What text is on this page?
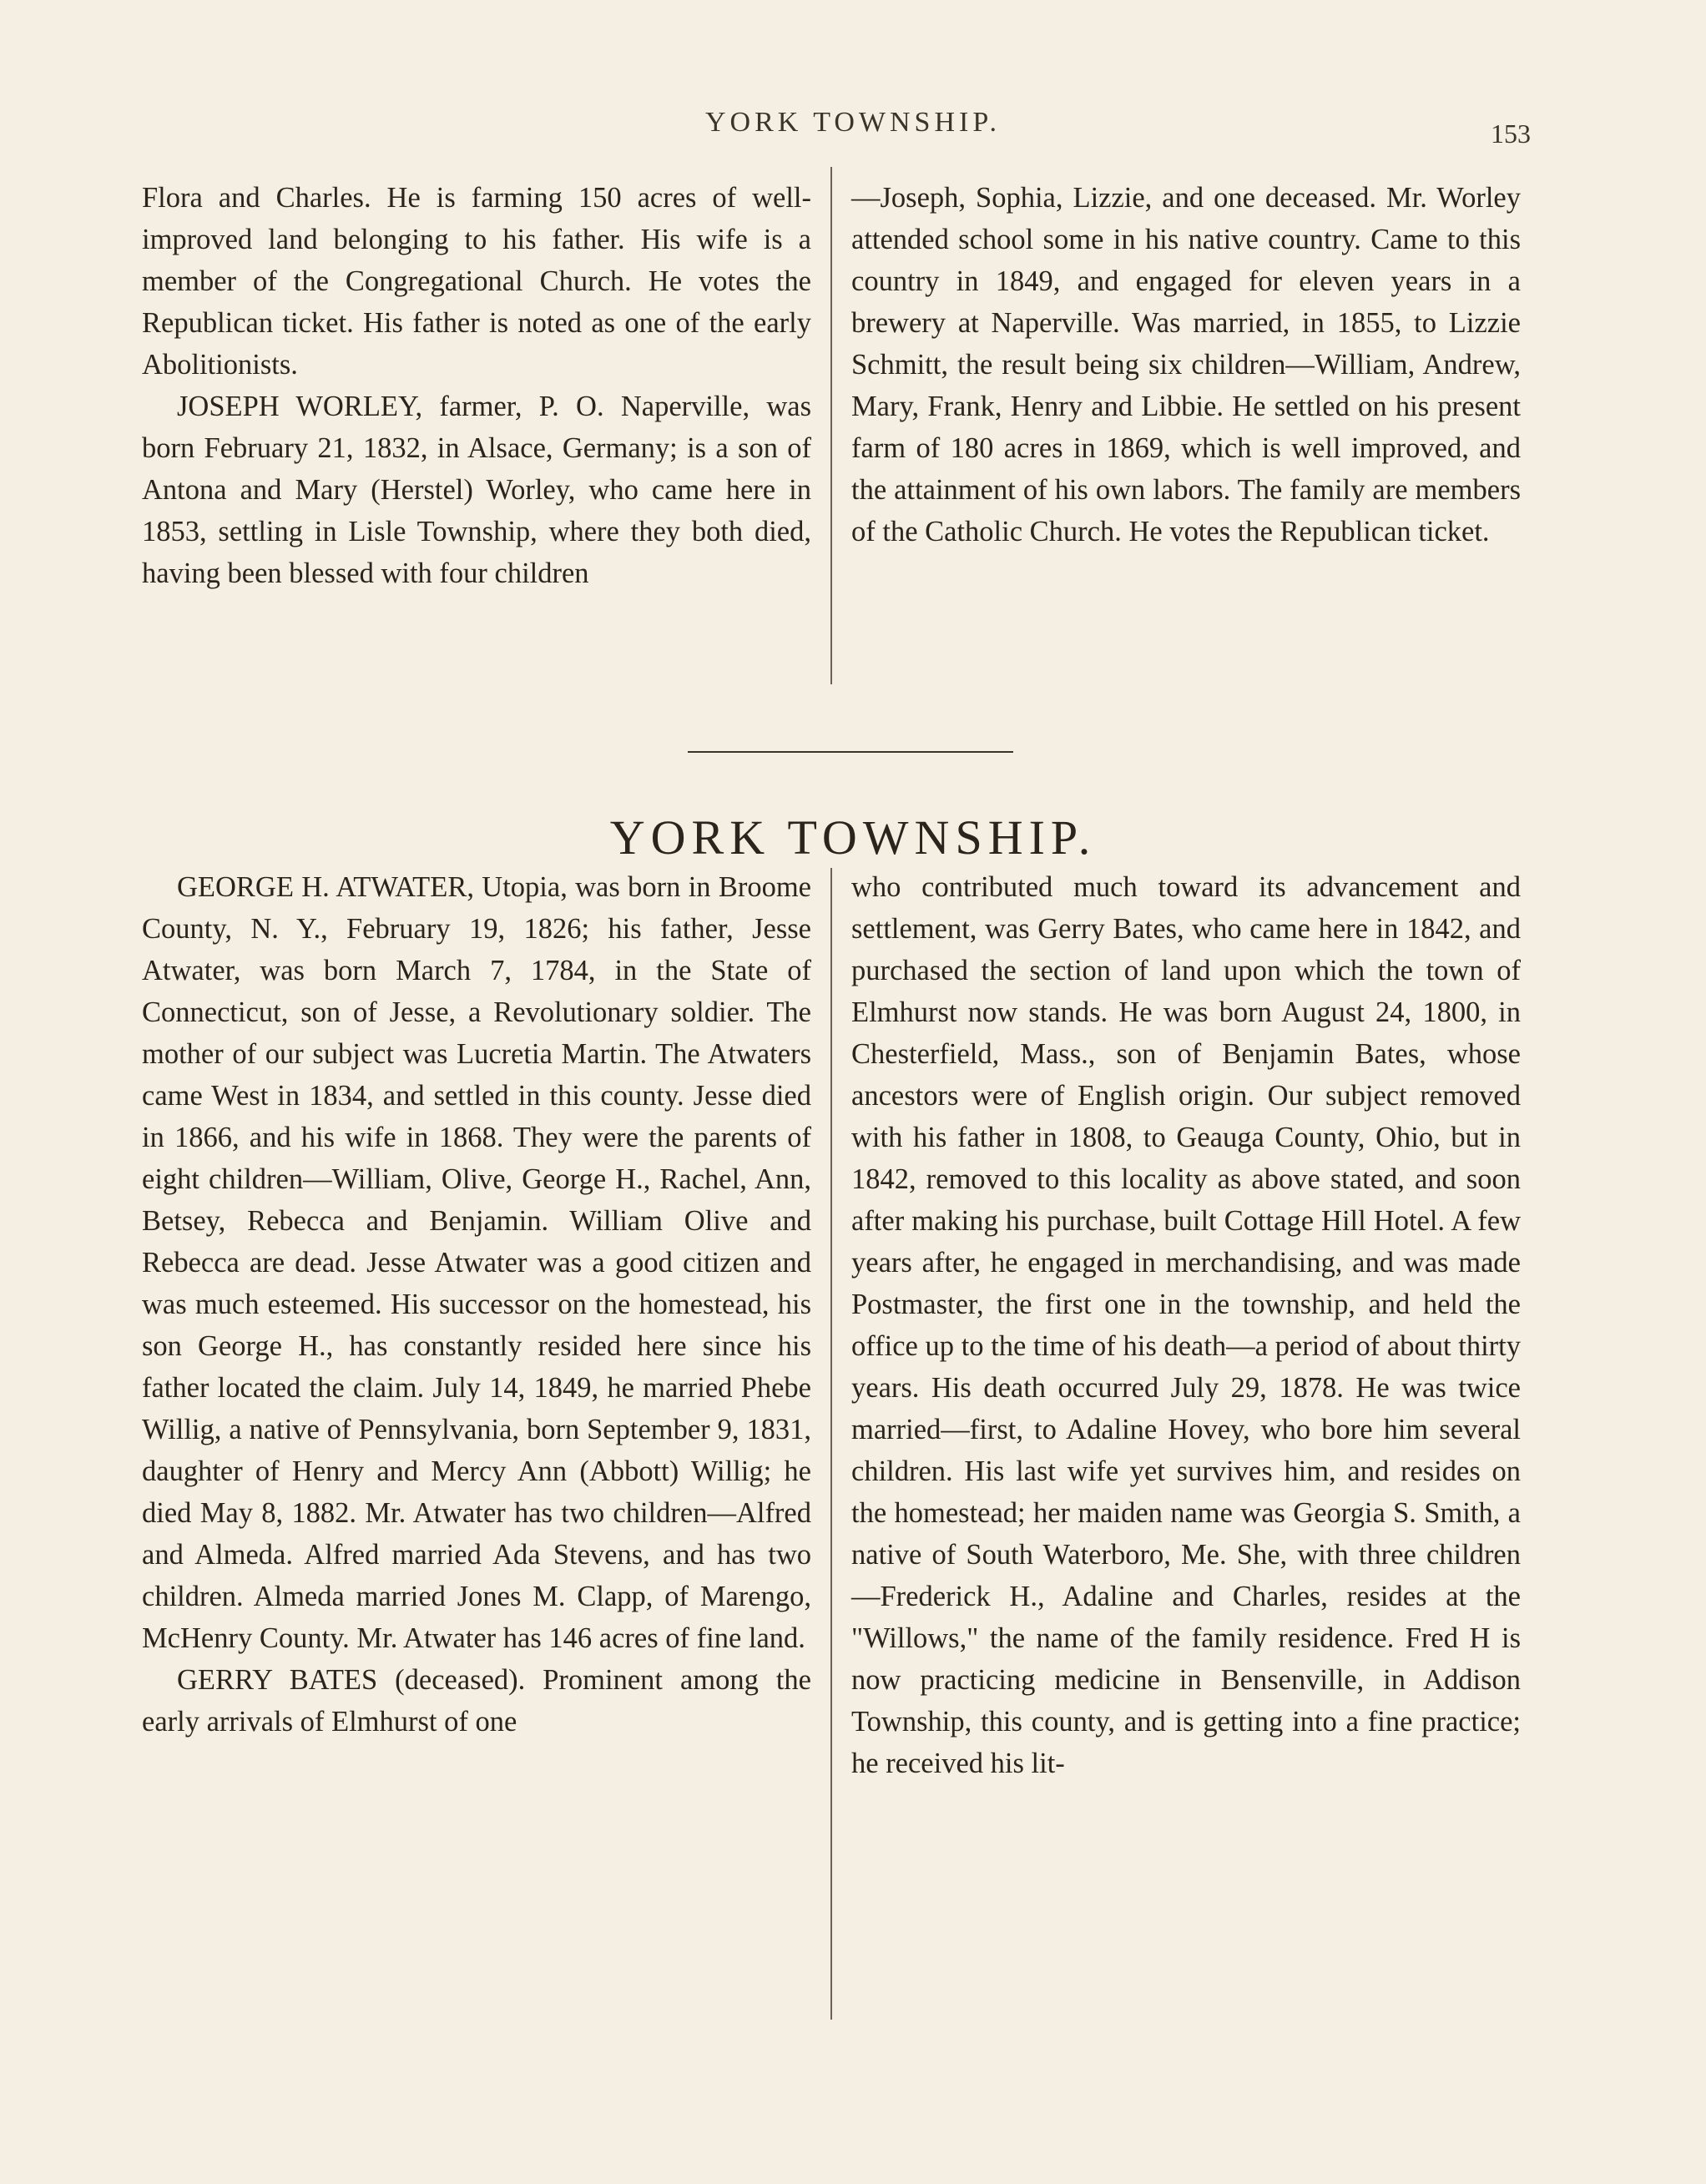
YORK TOWNSHIP.	153

Flora and Charles. He is farming 150 acres of well-improved land belonging to his father. His wife is a member of the Congregational Church. He votes the Republican ticket. His father is noted as one of the early Abolitionists.

JOSEPH WORLEY, farmer, P. O. Naperville, was born February 21, 1832, in Alsace, Germany; is a son of Antona and Mary (Herstel) Worley, who came here in 1853, settling in Lisle Township, where they both died, having been blessed with four children

—Joseph, Sophia, Lizzie, and one deceased. Mr. Worley attended school some in his native country. Came to this country in 1849, and engaged for eleven years in a brewery at Naperville. Was married, in 1855, to Lizzie Schmitt, the result being six children—William, Andrew, Mary, Frank, Henry and Libbie. He settled on his present farm of 180 acres in 1869, which is well improved, and the attainment of his own labors. The family are members of the Catholic Church. He votes the Republican ticket.

YORK TOWNSHIP.

GEORGE H. ATWATER, Utopia, was born in Broome County, N. Y., February 19, 1826; his father, Jesse Atwater, was born March 7, 1784, in the State of Connecticut, son of Jesse, a Revolutionary soldier. The mother of our subject was Lucretia Martin. The Atwaters came West in 1834, and settled in this county. Jesse died in 1866, and his wife in 1868. They were the parents of eight children—William, Olive, George H., Rachel, Ann, Betsey, Rebecca and Benjamin. William Olive and Rebecca are dead. Jesse Atwater was a good citizen and was much esteemed. His successor on the homestead, his son George H., has constantly resided here since his father located the claim. July 14, 1849, he married Phebe Willig, a native of Pennsylvania, born September 9, 1831, daughter of Henry and Mercy Ann (Abbott) Willig; he died May 8, 1882. Mr. Atwater has two children—Alfred and Almeda. Alfred married Ada Stevens, and has two children. Almeda married Jones M. Clapp, of Marengo, McHenry County. Mr. Atwater has 146 acres of fine land.

GERRY BATES (deceased). Prominent among the early arrivals of Elmhurst of one

who contributed much toward its advancement and settlement, was Gerry Bates, who came here in 1842, and purchased the section of land upon which the town of Elmhurst now stands. He was born August 24, 1800, in Chesterfield, Mass., son of Benjamin Bates, whose ancestors were of English origin. Our subject removed with his father in 1808, to Geauga County, Ohio, but in 1842, removed to this locality as above stated, and soon after making his purchase, built Cottage Hill Hotel. A few years after, he engaged in merchandising, and was made Postmaster, the first one in the township, and held the office up to the time of his death—a period of about thirty years. His death occurred July 29, 1878. He was twice married—first, to Adaline Hovey, who bore him several children. His last wife yet survives him, and resides on the homestead; her maiden name was Georgia S. Smith, a native of South Waterboro, Me. She, with three children—Frederick H., Adaline and Charles, resides at the "Willows," the name of the family residence. Fred H is now practicing medicine in Bensenville, in Addison Township, this county, and is getting into a fine practice; he received his lit-
